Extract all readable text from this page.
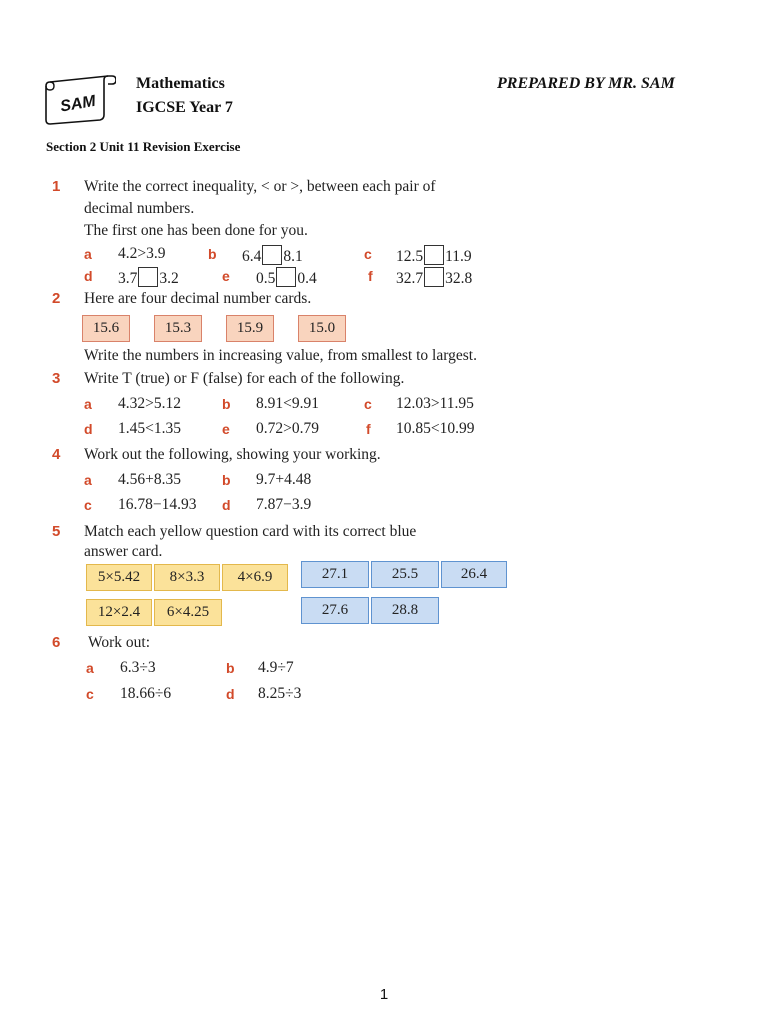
SAM
Mathematics
IGCSE Year 7
PREPARED BY MR. SAM
Section 2 Unit 11 Revision Exercise
1 Write the correct inequality, < or >, between each pair of
decimal numbers.
The first one has been done for you.
a 4.2>3.9	b 6.4 8.1	c 12.5 11.9
d 3.7 3.2	e 0.5 0.4	f 32.7 32.8
2 Here are four decimal number cards.
15.6	15.3	15.9	15.0
Write the numbers in increasing value, from smallest to largest.
3 Write T (true) or F (false) for each of the following.
a 4.32>5.12	b 8.91<9.91	c 12.03>11.95
d 1.45<1.35	e 0.72>0.79	f 10.85<10.99
4 Work out the following, showing your working.
a 4.56+8.35	b 9.7+4.48
c 16.78−14.93 d 7.87−3.9
5 Match each yellow question card with its correct blue
answer card.
5×5.42	8×3.3	4×6.9	27.1	25.5	26.4
12×2.4	6×4.25	27.6	28.8
6 Work out:
a 6.3÷3	b 4.9÷7
c 18.66÷6	d 8.25÷3
1
